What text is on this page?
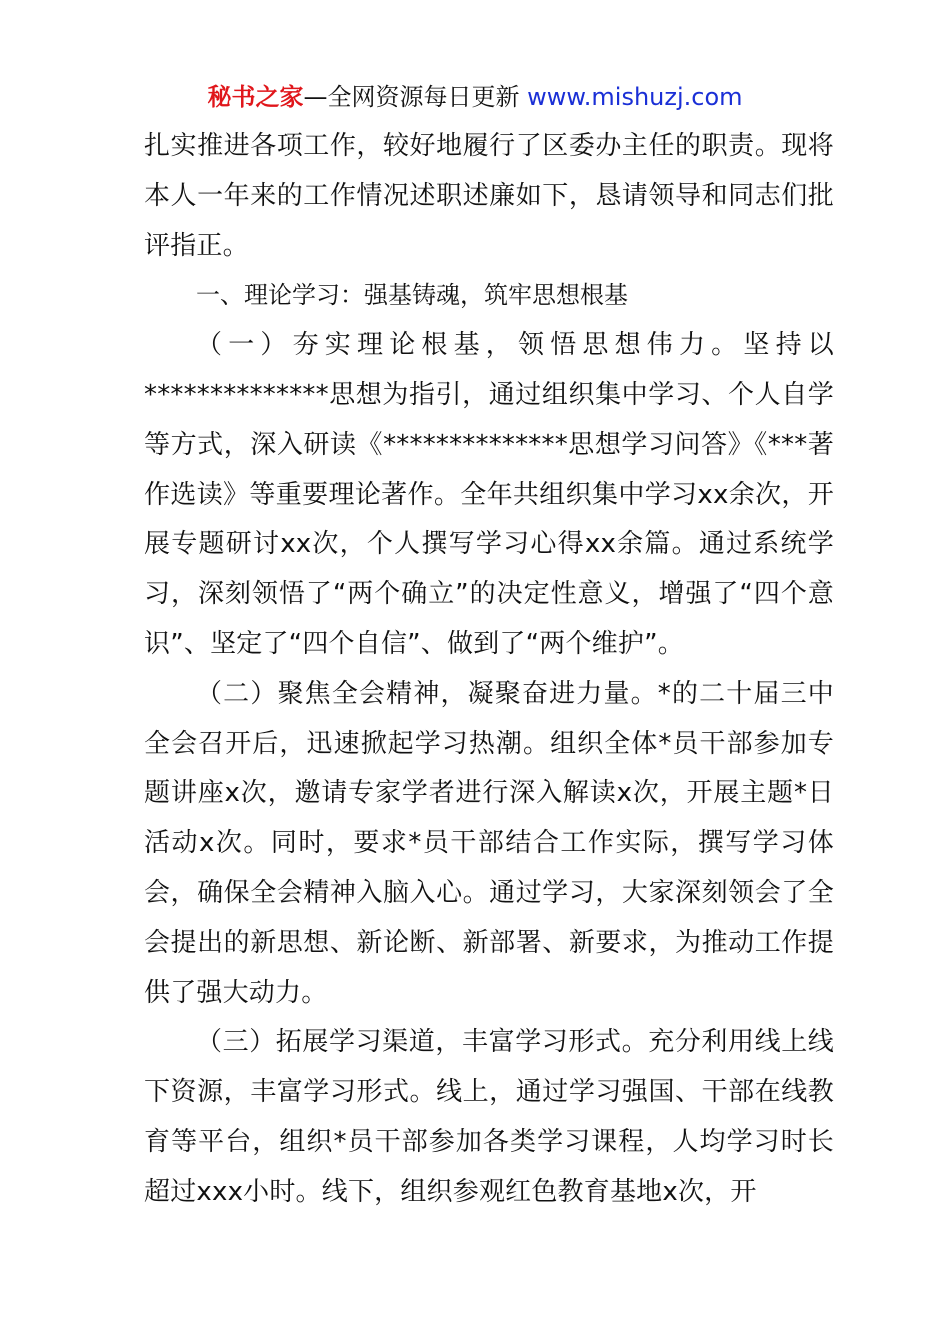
秘书之家—全网资源每日更新 www.mishuzj.com

扎实推进各项工作，较好地履行了区委办主任的职责。现将本人一年来的工作情况述职述廉如下，恳请领导和同志们批评指正。

一、理论学习：强基铸魂，筑牢思想根基

（一）夯实理论根基，领悟思想伟力。坚持以**************思想为指引，通过组织集中学习、个人自学等方式，深入研读《**************思想学习问答》《***著作选读》等重要理论著作。全年共组织集中学习xx余次，开展专题研讨xx次，个人撰写学习心得xx余篇。通过系统学习，深刻领悟了“两个确立”的决定性意义，增强了“四个意识”、坚定了“四个自信”、做到了“两个维护”。

（二）聚焦全会精神，凝聚奋进力量。*的二十届三中全会召开后，迅速掀起学习热潮。组织全体*员干部参加专题讲座x次，邀请专家学者进行深入解读x次，开展主题*日活动x次。同时，要求*员干部结合工作实际，撰写学习体会，确保全会精神入脑入心。通过学习，大家深刻领会了全会提出的新思想、新论断、新部署、新要求，为推动工作提供了强大动力。

（三）拓展学习渠道，丰富学习形式。充分利用线上线下资源，丰富学习形式。线上，通过学习强国、干部在线教育等平台，组织*员干部参加各类学习课程，人均学习时长超过xxx小时。线下，组织参观红色教育基地x次，开
